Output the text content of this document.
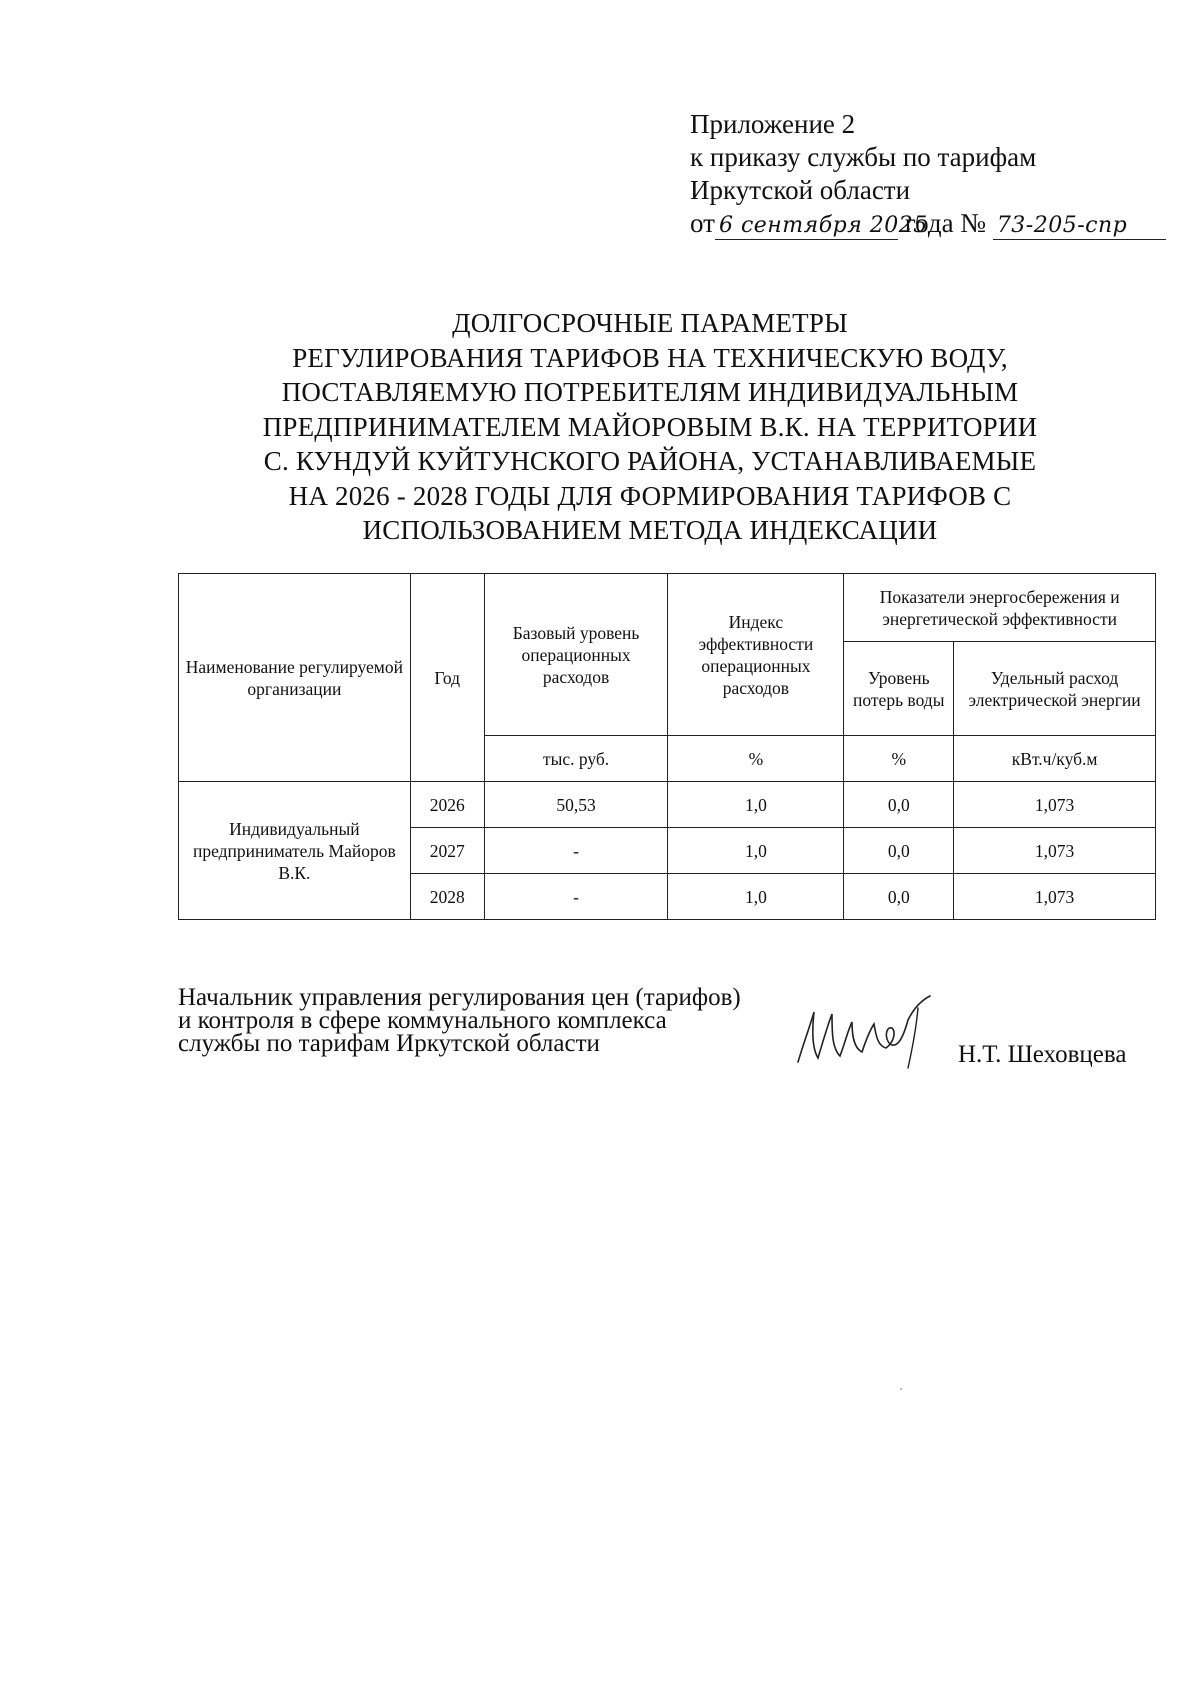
Приложение 2
к приказу службы по тарифам
Иркутской области
от 6 сентября 2025 года № 73-205-спр
ДОЛГОСРОЧНЫЕ ПАРАМЕТРЫ
РЕГУЛИРОВАНИЯ ТАРИФОВ НА ТЕХНИЧЕСКУЮ ВОДУ,
ПОСТАВЛЯЕМУЮ ПОТРЕБИТЕЛЯМ ИНДИВИДУАЛЬНЫМ
ПРЕДПРИНИМАТЕЛЕМ МАЙОРОВЫМ В.К. НА ТЕРРИТОРИИ
С. КУНДУЙ КУЙТУНСКОГО РАЙОНА, УСТАНАВЛИВАЕМЫЕ
НА 2026 - 2028 ГОДЫ ДЛЯ ФОРМИРОВАНИЯ ТАРИФОВ С
ИСПОЛЬЗОВАНИЕМ МЕТОДА ИНДЕКСАЦИИ
Наименование регулируемой организации	Год	Базовый уровень операционных расходов	Индекс эффективности операционных расходов	Показатели энергосбережения и энергетической эффективности	
				Уровень потерь воды	Удельный расход электрической энергии
		тыс. руб.	%	%	кВт.ч/куб.м
Индивидуальный предприниматель Майоров В.К.	2026	50,53	1,0	0,0	1,073
	2027	-	1,0	0,0	1,073
	2028	-	1,0	0,0	1,073
Начальник управления регулирования цен (тарифов)
и контроля в сфере коммунального комплекса
службы по тарифам Иркутской области	Н.Т. Шеховцева
